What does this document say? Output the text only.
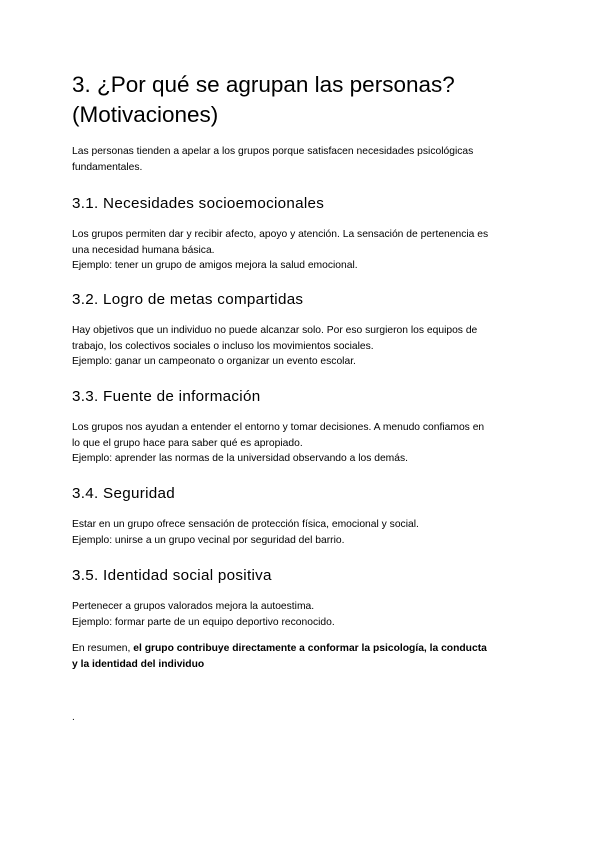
3. ¿Por qué se agrupan las personas?
(Motivaciones)

Las personas tienden a apelar a los grupos porque satisfacen necesidades psicológicas
fundamentales.

3.1. Necesidades socioemocionales

Los grupos permiten dar y recibir afecto, apoyo y atención. La sensación de pertenencia es
una necesidad humana básica.
Ejemplo: tener un grupo de amigos mejora la salud emocional.

3.2. Logro de metas compartidas

Hay objetivos que un individuo no puede alcanzar solo. Por eso surgieron los equipos de
trabajo, los colectivos sociales o incluso los movimientos sociales.
Ejemplo: ganar un campeonato o organizar un evento escolar.

3.3. Fuente de información

Los grupos nos ayudan a entender el entorno y tomar decisiones. A menudo confiamos en
lo que el grupo hace para saber qué es apropiado.
Ejemplo: aprender las normas de la universidad observando a los demás.

3.4. Seguridad

Estar en un grupo ofrece sensación de protección física, emocional y social.
Ejemplo: unirse a un grupo vecinal por seguridad del barrio.

3.5. Identidad social positiva

Pertenecer a grupos valorados mejora la autoestima.
Ejemplo: formar parte de un equipo deportivo reconocido.

En resumen, el grupo contribuye directamente a conformar la psicología, la conducta
y la identidad del individuo

.
